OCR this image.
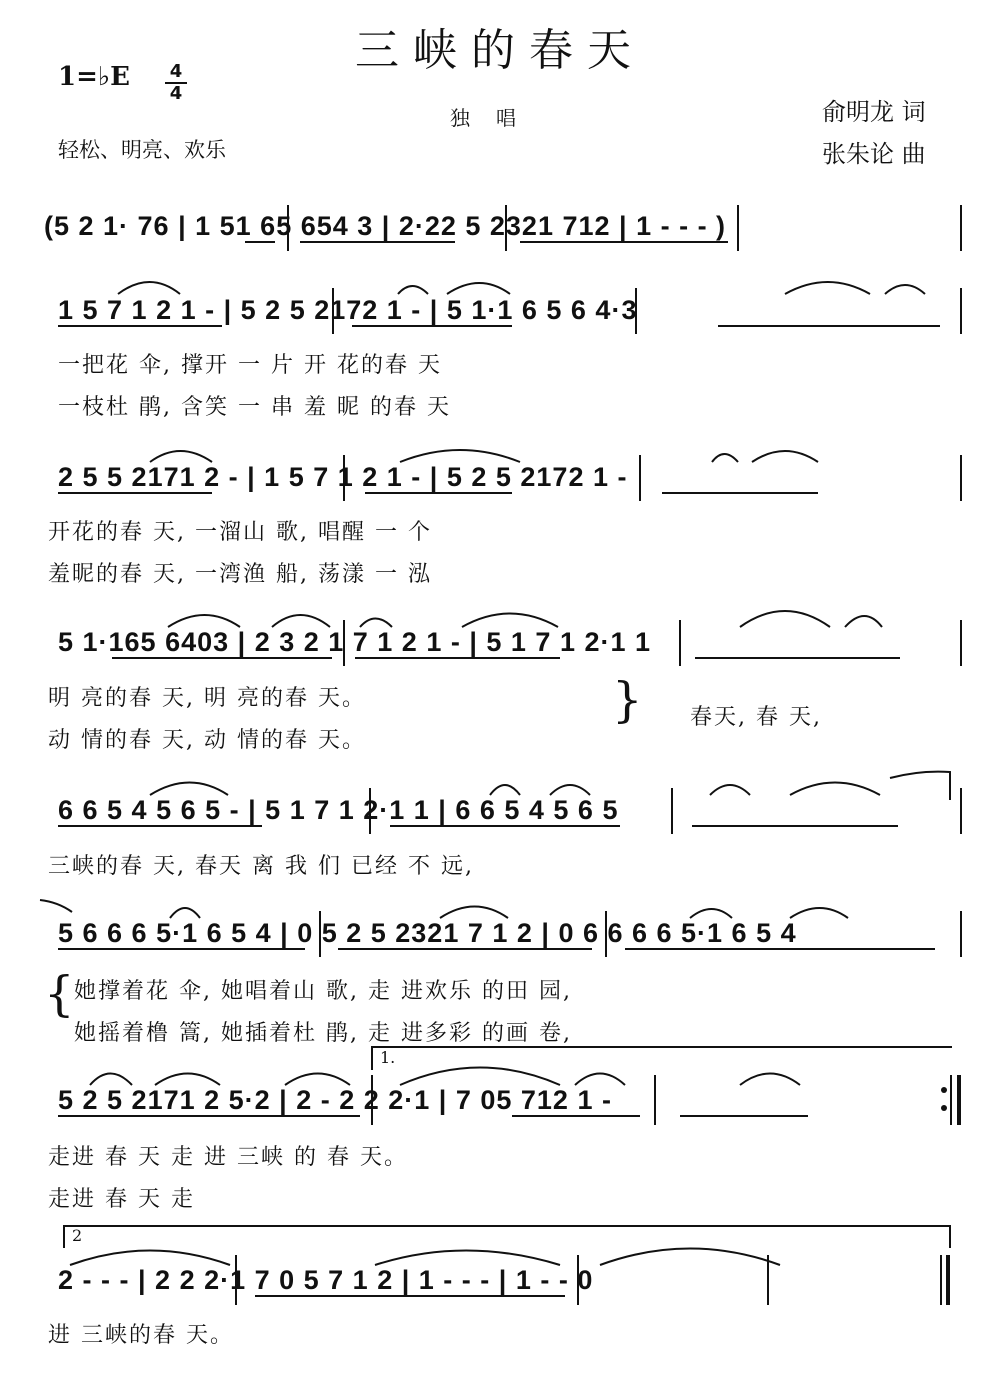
三峡的春天
1=♭E 4
4
独唱
轻松、明亮、欢乐
俞明龙 词
张朱论 曲
(5 2 1· 76 | 1 51 65 654 3 | 2·22 5 2321 712 | 1 - - - )
1 5 7 1 2 1 - | 5 2 5 2172 1 - | 5 1·1 6 5 6 4·3
一把花 伞, 撑开 一 片 开 花的春 天
一枝杜 鹃, 含笑 一 串 羞 昵 的春 天
2 5 5 2171 2 - | 1 5 7 1 2 1 - | 5 2 5 2172 1 -
开花的春 天, 一溜山 歌, 唱醒 一 个
羞昵的春 天, 一湾渔 船, 荡漾 一 泓
5 1·165 6403 | 2 3 2 1 7 1 2 1 - | 5 1 7 1 2·1 1
明 亮的春 天, 明 亮的春 天。
动 情的春 天, 动 情的春 天。
} 春天, 春 天,
6 6 5 4 5 6 5 - | 5 1 7 1 2·1 1 | 6 6 5 4 5 6 5
三峡的春 天, 春天 离 我 们 已经 不 远,
5 6 6 6 5·1 6 5 4 | 0 5 2 5 2321 7 1 2 | 0 6 6 6 6 5·1 6 5 4
{ 她撑着花 伞, 她唱着山 歌, 走 进欢乐 的田 园,
她摇着橹 篙, 她插着杜 鹃, 走 进多彩 的画 卷,
1.
5 2 5 2171 2 5·2 | 2 - 2 2 2·1 | 7 05 712 1 -
走进 春 天 走 进 三峡 的 春 天。
走进 春 天 走
2
2 - - - | 2 2 2·1 7 0 5 7 1 2 | 1 - - - | 1 - - 0
进 三峡的春 天。
